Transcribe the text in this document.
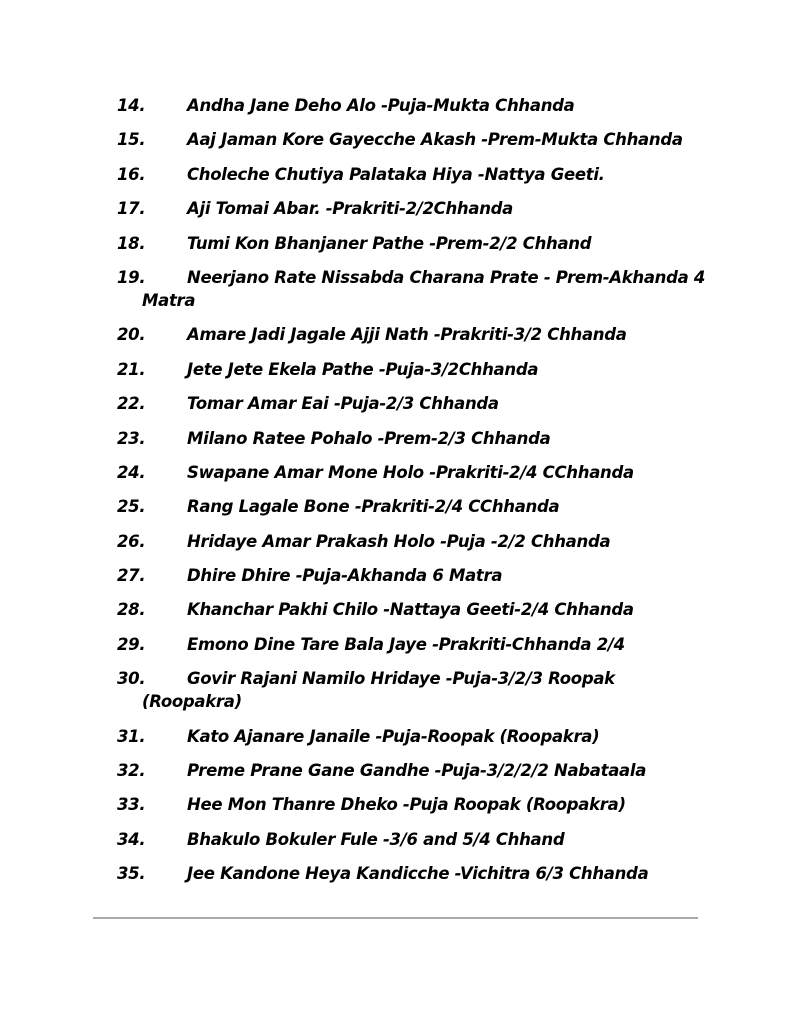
14.	Andha Jane Deho Alo -Puja-Mukta Chhanda
15.	Aaj Jaman Kore Gayecche Akash -Prem-Mukta Chhanda
16.	Choleche Chutiya Palataka Hiya -Nattya Geeti.
17.	Aji Tomai Abar. -Prakriti-2/2Chhanda
18.	Tumi Kon Bhanjaner Pathe -Prem-2/2 Chhand
19.	Neerjano Rate Nissabda Charana Prate - Prem-Akhanda 4 Matra
20.	Amare Jadi Jagale Ajji Nath -Prakriti-3/2 Chhanda
21.	Jete Jete Ekela Pathe -Puja-3/2Chhanda
22.	Tomar Amar Eai -Puja-2/3 Chhanda
23.	Milano Ratee Pohalo -Prem-2/3 Chhanda
24.	Swapane Amar Mone Holo -Prakriti-2/4 CChhanda
25.	Rang Lagale Bone -Prakriti-2/4 CChhanda
26.	Hridaye Amar Prakash Holo -Puja -2/2 Chhanda
27.	Dhire Dhire -Puja-Akhanda 6 Matra
28.	Khanchar Pakhi Chilo -Nattaya Geeti-2/4 Chhanda
29.	Emono Dine Tare Bala Jaye -Prakriti-Chhanda 2/4
30.	Govir Rajani Namilo Hridaye -Puja-3/2/3 Roopak (Roopakra)
31.	Kato Ajanare Janaile -Puja-Roopak (Roopakra)
32.	Preme Prane Gane Gandhe -Puja-3/2/2/2 Nabataala
33.	Hee Mon Thanre Dheko -Puja Roopak (Roopakra)
34.	Bhakulo Bokuler Fule -3/6 and 5/4 Chhand
35.	Jee Kandone Heya Kandicche -Vichitra 6/3 Chhanda
